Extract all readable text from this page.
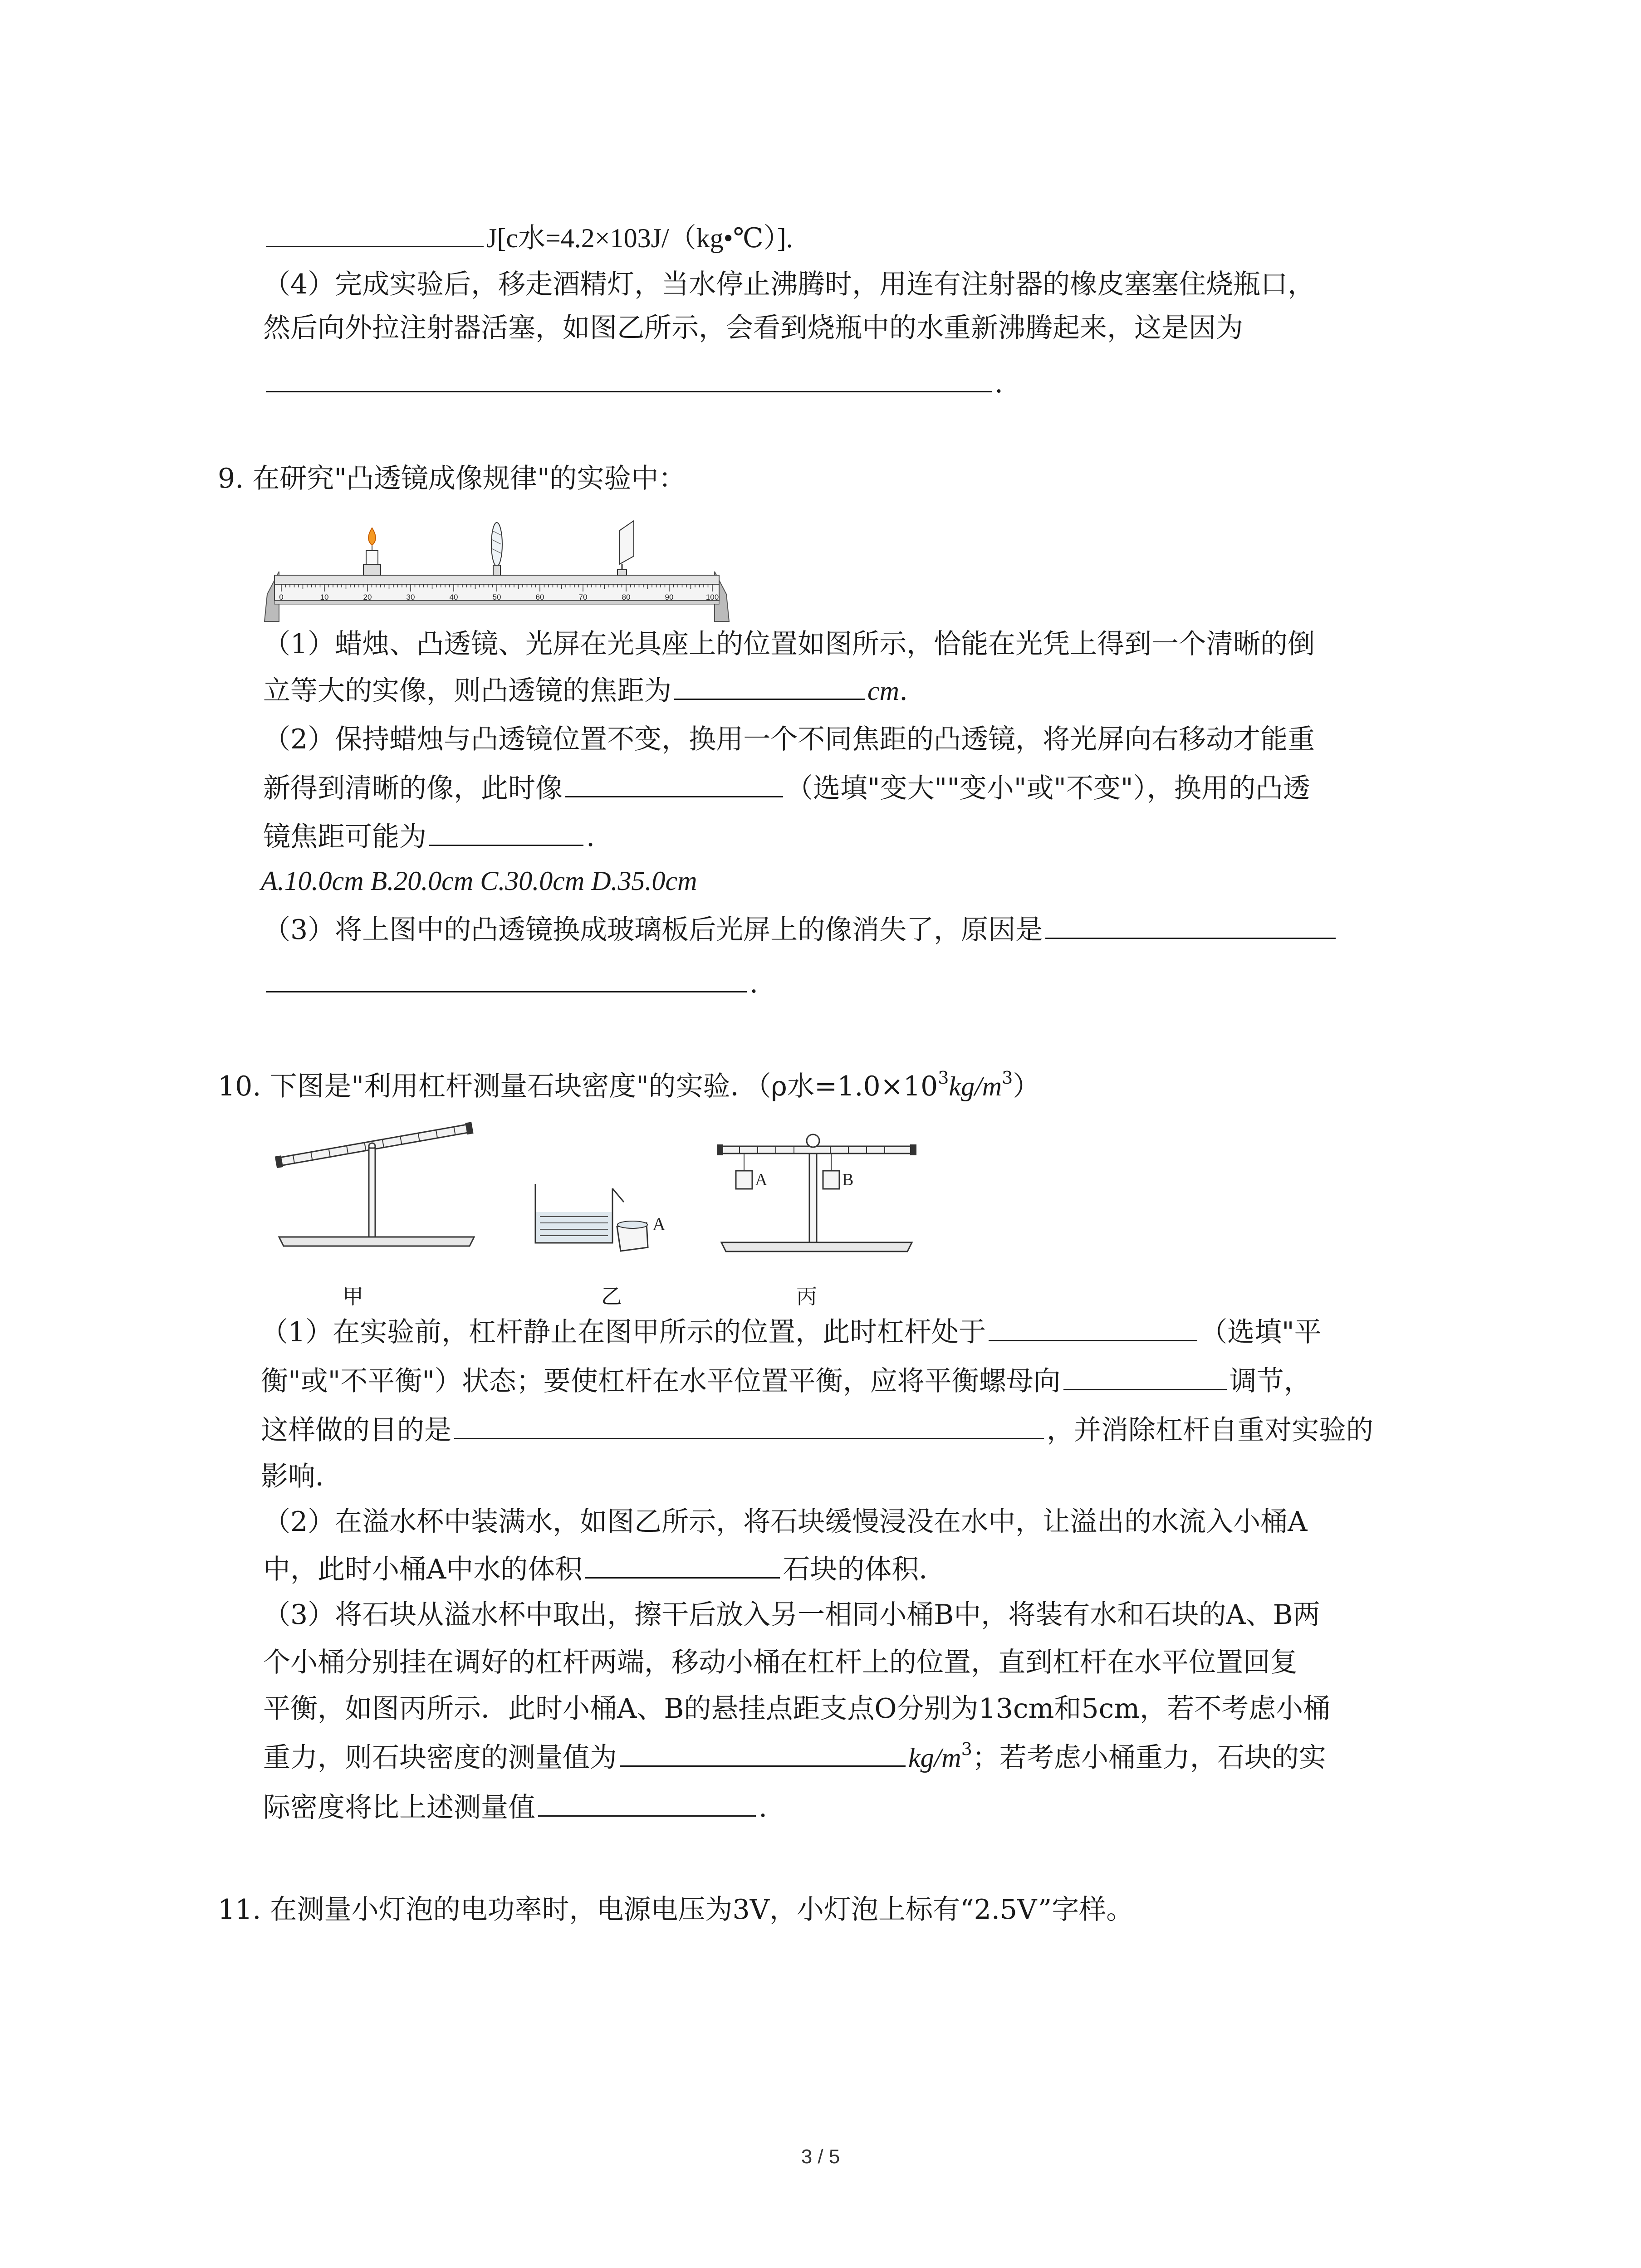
J[c水=4.2×103J/（kg•℃）].
（4）完成实验后，移走酒精灯，当水停止沸腾时，用连有注射器的橡皮塞塞住烧瓶口，
然后向外拉注射器活塞，如图乙所示，会看到烧瓶中的水重新沸腾起来，这是因为
.
9. 在研究"凸透镜成像规律"的实验中：
0	10	20	30	40	50	60	70	80	90	100
（1）蜡烛、凸透镜、光屏在光具座上的位置如图所示，恰能在光凭上得到一个清晰的倒
立等大的实像，则凸透镜的焦距为	cm.
（2）保持蜡烛与凸透镜位置不变，换用一个不同焦距的凸透镜，将光屏向右移动才能重
新得到清晰的像，此时像	（选填"变大""变小"或"不变"），换用的凸透
镜焦距可能为	.
A.10.0cm B.20.0cm C.30.0cm D.35.0cm
（3）将上图中的凸透镜换成玻璃板后光屏上的像消失了，原因是
.
10. 下图是"利用杠杆测量石块密度"的实验．（ρ水$=1.0\times 10^3kg/m^3$）
A
A	B
甲	乙	丙
（1）在实验前，杠杆静止在图甲所示的位置，此时杠杆处于	（选填"平
衡"或"不平衡"）状态；要使杠杆在水平位置平衡，应将平衡螺母向	调节，
这样做的目的是	，并消除杠杆自重对实验的
影响．
（2）在溢水杯中装满水，如图乙所示，将石块缓慢浸没在水中，让溢出的水流入小桶A
中，此时小桶A中水的体积	石块的体积．
（3）将石块从溢水杯中取出，擦干后放入另一相同小桶B中，将装有水和石块的A、B两
个小桶分别挂在调好的杠杆两端，移动小桶在杠杆上的位置，直到杠杆在水平位置回复
平衡，如图丙所示．此时小桶A、B的悬挂点距支点O分别为13cm和5cm，若不考虑小桶
重力，则石块密度的测量值为	$kg/m^3$；若考虑小桶重力，石块的实
际密度将比上述测量值	.
11. 在测量小灯泡的电功率时，电源电压为3V，小灯泡上标有“2.5V”字样。
3 / 5
